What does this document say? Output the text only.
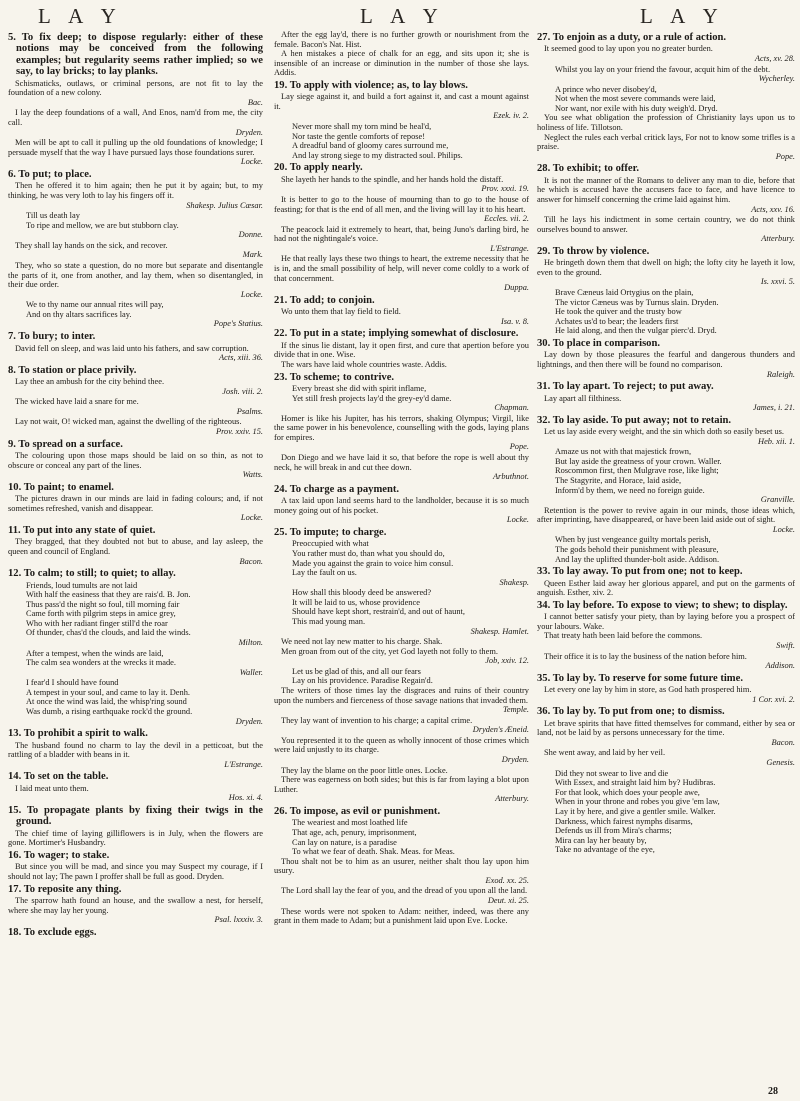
L A Y	L A Y	L A Y
5. To fix deep; to dispose regularly: either of these notions may be conceived from the following examples; but regularity seems rather implied; so we say, to lay bricks; to lay planks.
Schismaticks, outlaws, or criminal persons, are not fit to lay the foundation of a new colony.
Bac.
I lay the deep foundations of a wall, And Enos, nam'd from me, the city call.
Dryden.
Men will be apt to call it pulling up the old foundations of knowledge; I persuade myself that the way I have pursued lays those foundations surer.
Locke.
6. To put; to place.
Then he offered it to him again; then he put it by again; but, to my thinking, he was very loth to lay his fingers off it.
Shakesp. Julius Cæsar.
Till us death lay
To ripe and mellow, we are but stubborn clay.
Donne.
They shall lay hands on the sick, and recover.
Mark.
They, who so state a question, do no more but separate and disentangle the parts of it, one from another, and lay them, when so disentangled, in their due order.
Locke.
We to thy name our annual rites will pay,
And on thy altars sacrifices lay.
Pope's Statius.
7. To bury; to inter.
David fell on sleep, and was laid unto his fathers, and saw corruption.
Acts, xiii. 36.
8. To station or place privily.
Lay thee an ambush for the city behind thee.
Josh. viii. 2.
The wicked have laid a snare for me.
Psalms.
Lay not wait, O! wicked man, against the dwelling of the righteous.
Prov. xxiv. 15.
9. To spread on a surface.
The colouring upon those maps should be laid on so thin, as not to obscure or conceal any part of the lines.
Watts.
10. To paint; to enamel.
The pictures drawn in our minds are laid in fading colours; and, if not sometimes refreshed, vanish and disappear.
Locke.
11. To put into any state of quiet.
They bragged, that they doubted not but to abuse, and lay asleep, the queen and council of England.
Bacon.
12. To calm; to still; to quiet; to allay.
Friends, loud tumults are not laid
With half the easiness that they are rais'd. B. Jon.
Thus pass'd the night so foul, till morning fair
Came forth with pilgrim steps in amice grey,
Who with her radiant finger still'd the roar
Of thunder, chas'd the clouds, and laid the winds.
Milton.
After a tempest, when the winds are laid,
The calm sea wonders at the wrecks it made.
Waller.
I fear'd I should have found
A tempest in your soul, and came to lay it. Denh.
At once the wind was laid, the whisp'ring sound
Was dumb, a rising earthquake rock'd the ground.
Dryden.
13. To prohibit a spirit to walk.
The husband found no charm to lay the devil in a petticoat, but the rattling of a bladder with beans in it.
L'Estrange.
14. To set on the table.
I laid meat unto them.
Hos. xi. 4.
15. To propagate plants by fixing their twigs in the ground.
The chief time of laying gilliflowers is in July, when the flowers are gone. Mortimer's Husbandry.
16. To wager; to stake.
But since you will be mad, and since you may Suspect my courage, if I should not lay; The pawn I proffer shall be full as good. Dryden.
17. To reposite any thing.
The sparrow hath found an house, and the swallow a nest, for herself, where she may lay her young.
Psal. lxxxiv. 3.
18. To exclude eggs.
After the egg lay'd, there is no further growth or nourishment from the female. Bacon's Nat. Hist.
A hen mistakes a piece of chalk for an egg, and sits upon it; she is insensible of an increase or diminution in the number of those she lays. Addis.
19. To apply with violence; as, to lay blows.
Lay siege against it, and build a fort against it, and cast a mount against it.
Ezek. iv. 2.
Never more shall my torn mind be heal'd,
Nor taste the gentle comforts of repose!
A dreadful band of gloomy cares surround me,
And lay strong siege to my distracted soul. Philips.
20. To apply nearly.
She layeth her hands to the spindle, and her hands hold the distaff.
Prov. xxxi. 19.
It is better to go to the house of mourning than to go to the house of feasting; for that is the end of all men, and the living will lay it to his heart.
Eccles. vii. 2.
The peacock laid it extremely to heart, that, being Juno's darling bird, he had not the nightingale's voice.
L'Estrange.
He that really lays these two things to heart, the extreme necessity that he is in, and the small possibility of help, will never come coldly to a work of that concernment.
Duppa.
21. To add; to conjoin.
Wo unto them that lay field to field.
Isa. v. 8.
22. To put in a state; implying somewhat of disclosure.
If the sinus lie distant, lay it open first, and cure that apertion before you divide that in one. Wise.
The wars have laid whole countries waste. Addis.
23. To scheme; to contrive.
Every breast she did with spirit inflame,
Yet still fresh projects lay'd the grey-ey'd dame.
Chapman.
Homer is like his Jupiter, has his terrors, shaking Olympus; Virgil, like the same power in his benevolence, counselling with the gods, laying plans for empires.
Pope.
Don Diego and we have laid it so, that before the rope is well about thy neck, he will break in and cut thee down.
Arbuthnot.
24. To charge as a payment.
A tax laid upon land seems hard to the landholder, because it is so much money going out of his pocket.
Locke.
25. To impute; to charge.
Preoccupied with what
You rather must do, than what you should do,
Made you against the grain to voice him consul.
Lay the fault on us.
Shakesp.
How shall this bloody deed be answered?
It will be laid to us, whose providence
Should have kept short, restrain'd, and out of haunt,
This mad young man.
Shakesp. Hamlet.
We need not lay new matter to his charge. Shak.
Men groan from out of the city, yet God layeth not folly to them.
Job, xxiv. 12.
Let us be glad of this, and all our fears
Lay on his providence. Paradise Regain'd.
The writers of those times lay the disgraces and ruins of their country upon the numbers and fierceness of those savage nations that invaded them.
Temple.
They lay want of invention to his charge; a capital crime.
Dryden's Æneid.
You represented it to the queen as wholly innocent of those crimes which were laid unjustly to its charge.
Dryden.
They lay the blame on the poor little ones. Locke.
There was eagerness on both sides; but this is far from laying a blot upon Luther.
Atterbury.
26. To impose, as evil or punishment.
The weariest and most loathed life
That age, ach, penury, imprisonment,
Can lay on nature, is a paradise
To what we fear of death. Shak. Meas. for Meas.
Thou shalt not be to him as an usurer, neither shalt thou lay upon him usury.
Exod. xx. 25.
The Lord shall lay the fear of you, and the dread of you upon all the land.
Deut. xi. 25.
These words were not spoken to Adam: neither, indeed, was there any grant in them made to Adam; but a punishment laid upon Eve. Locke.
27. To enjoin as a duty, or a rule of action.
It seemed good to lay upon you no greater burden.
Acts, xv. 28.
Whilst you lay on your friend the favour, acquit him of the debt.
Wycherley.
A prince who never disobey'd,
Not when the most severe commands were laid,
Nor want, nor exile with his duty weigh'd. Dryd.
You see what obligation the profession of Christianity lays upon us to holiness of life. Tillotson.
Neglect the rules each verbal critick lays, For not to know some trifles is a praise.
Pope.
28. To exhibit; to offer.
It is not the manner of the Romans to deliver any man to die, before that he which is accused have the accusers face to face, and have licence to answer for himself concerning the crime laid against him.
Acts, xxv. 16.
Till he lays his indictment in some certain country, we do not think ourselves bound to answer.
Atterbury.
29. To throw by violence.
He bringeth down them that dwell on high; the lofty city he layeth it low, even to the ground.
Is. xxvi. 5.
Brave Cæneus laid Ortygius on the plain,
The victor Cæneus was by Turnus slain. Dryden.
He took the quiver and the trusty bow
Achates us'd to bear; the leaders first
He laid along, and then the vulgar pierc'd. Dryd.
30. To place in comparison.
Lay down by those pleasures the fearful and dangerous thunders and lightnings, and then there will be found no comparison.
Raleigh.
31. To lay apart. To reject; to put away.
Lay apart all filthiness.
James, i. 21.
32. To lay aside. To put away; not to retain.
Let us lay aside every weight, and the sin which doth so easily beset us.
Heb. xii. 1.
Amaze us not with that majestick frown,
But lay aside the greatness of your crown. Waller.
Roscommon first, then Mulgrave rose, like light;
The Stagyrite, and Horace, laid aside,
Inform'd by them, we need no foreign guide.
Granville.
Retention is the power to revive again in our minds, those ideas which, after imprinting, have disappeared, or have been laid aside out of sight.
Locke.
When by just vengeance guilty mortals perish,
The gods behold their punishment with pleasure,
And lay the uplifted thunder-bolt aside. Addison.
33. To lay away. To put from one; not to keep.
Queen Esther laid away her glorious apparel, and put on the garments of anguish. Esther, xiv. 2.
34. To lay before. To expose to view; to shew; to display.
I cannot better satisfy your piety, than by laying before you a prospect of your labours. Wake.
That treaty hath been laid before the commons.
Swift.
Their office it is to lay the business of the nation before him.
Addison.
35. To lay by. To reserve for some future time.
Let every one lay by him in store, as God hath prospered him.
1 Cor. xvi. 2.
36. To lay by. To put from one; to dismiss.
Let brave spirits that have fitted themselves for command, either by sea or land, not be laid by as persons unnecessary for the time.
Bacon.
She went away, and laid by her veil.
Genesis.
Did they not swear to live and die
With Essex, and straight laid him by? Hudibras.
For that look, which does your people awe,
When in your throne and robes you give 'em law,
Lay it by here, and give a gentler smile. Walker.
Darkness, which fairest nymphs disarms,
Defends us ill from Mira's charms;
Mira can lay her beauty by,
Take no advantage of the eye,
28
